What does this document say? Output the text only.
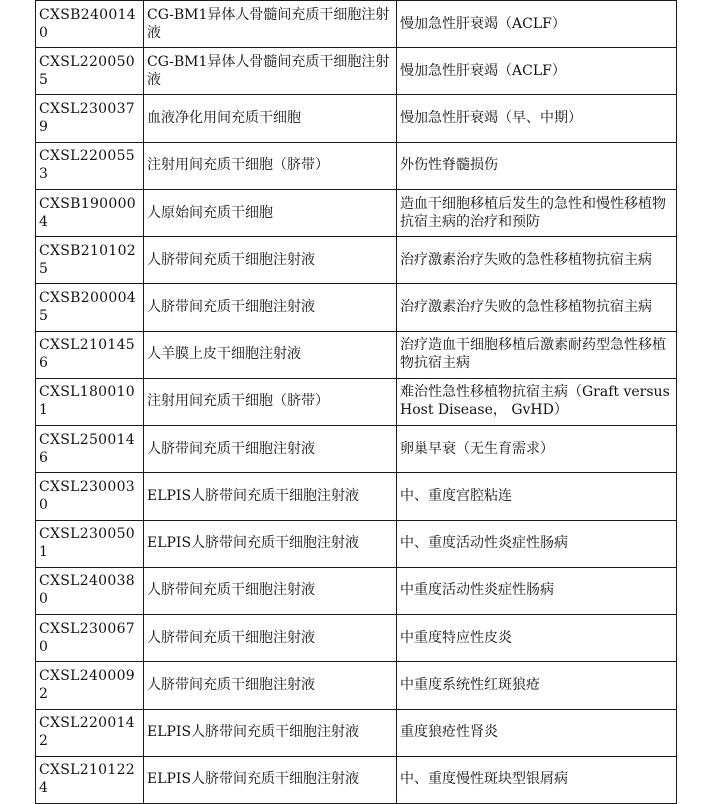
CXSB2400140	CG-BM1异体人骨髓间充质干细胞注射液	慢加急性肝衰竭（ACLF）
CXSL2200505	CG-BM1异体人骨髓间充质干细胞注射液	慢加急性肝衰竭（ACLF）
CXSL2300379	血液净化用间充质干细胞	慢加急性肝衰竭（早、中期）
CXSL2200553	注射用间充质干细胞（脐带）	外伤性脊髓损伤
CXSB1900004	人原始间充质干细胞	造血干细胞移植后发生的急性和慢性移植物抗宿主病的治疗和预防
CXSB2101025	人脐带间充质干细胞注射液	治疗激素治疗失败的急性移植物抗宿主病
CXSB2000045	人脐带间充质干细胞注射液	治疗激素治疗失败的急性移植物抗宿主病
CXSL2101456	人羊膜上皮干细胞注射液	治疗造血干细胞移植后激素耐药型急性移植物抗宿主病
CXSL1800101	注射用间充质干细胞（脐带）	难治性急性移植物抗宿主病（Graft versus Host Disease， GvHD）
CXSL2500146	人脐带间充质干细胞注射液	卵巢早衰（无生育需求）
CXSL2300030	ELPIS人脐带间充质干细胞注射液	中、重度宫腔粘连
CXSL2300501	ELPIS人脐带间充质干细胞注射液	中、重度活动性炎症性肠病
CXSL2400380	人脐带间充质干细胞注射液	中重度活动性炎症性肠病
CXSL2300670	人脐带间充质干细胞注射液	中重度特应性皮炎
CXSL2400092	人脐带间充质干细胞注射液	中重度系统性红斑狼疮
CXSL2200142	ELPIS人脐带间充质干细胞注射液	重度狼疮性肾炎
CXSL2101224	ELPIS人脐带间充质干细胞注射液	中、重度慢性斑块型银屑病
